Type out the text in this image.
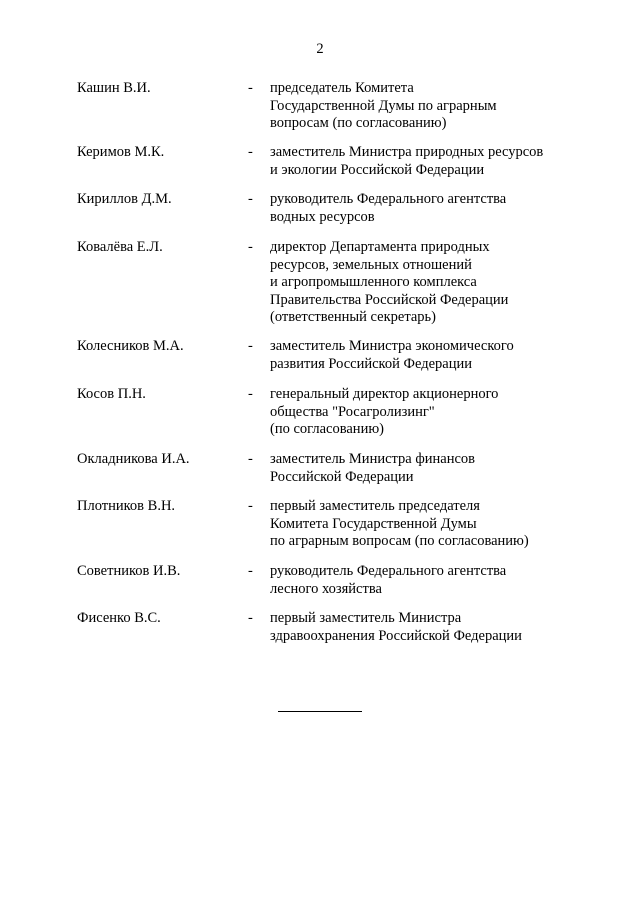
2
Кашин В.И.	- председатель Комитета
Государственной Думы по аграрным
вопросам (по согласованию)
Керимов М.К.	- заместитель Министра природных ресурсов
и экологии Российской Федерации
Кириллов Д.М.	- руководитель Федерального агентства
водных ресурсов
Ковалёва Е.Л.	- директор Департамента природных
ресурсов, земельных отношений
и агропромышленного комплекса
Правительства Российской Федерации
(ответственный секретарь)
Колесников М.А.	- заместитель Министра экономического
развития Российской Федерации
Косов П.Н.	- генеральный директор акционерного
общества "Росагролизинг"
(по согласованию)
Окладникова И.А.	- заместитель Министра финансов
Российской Федерации
Плотников В.Н.	- первый заместитель председателя
Комитета Государственной Думы
по аграрным вопросам (по согласованию)
Советников И.В.	- руководитель Федерального агентства
лесного хозяйства
Фисенко В.С.	- первый заместитель Министра
здравоохранения Российской Федерации
